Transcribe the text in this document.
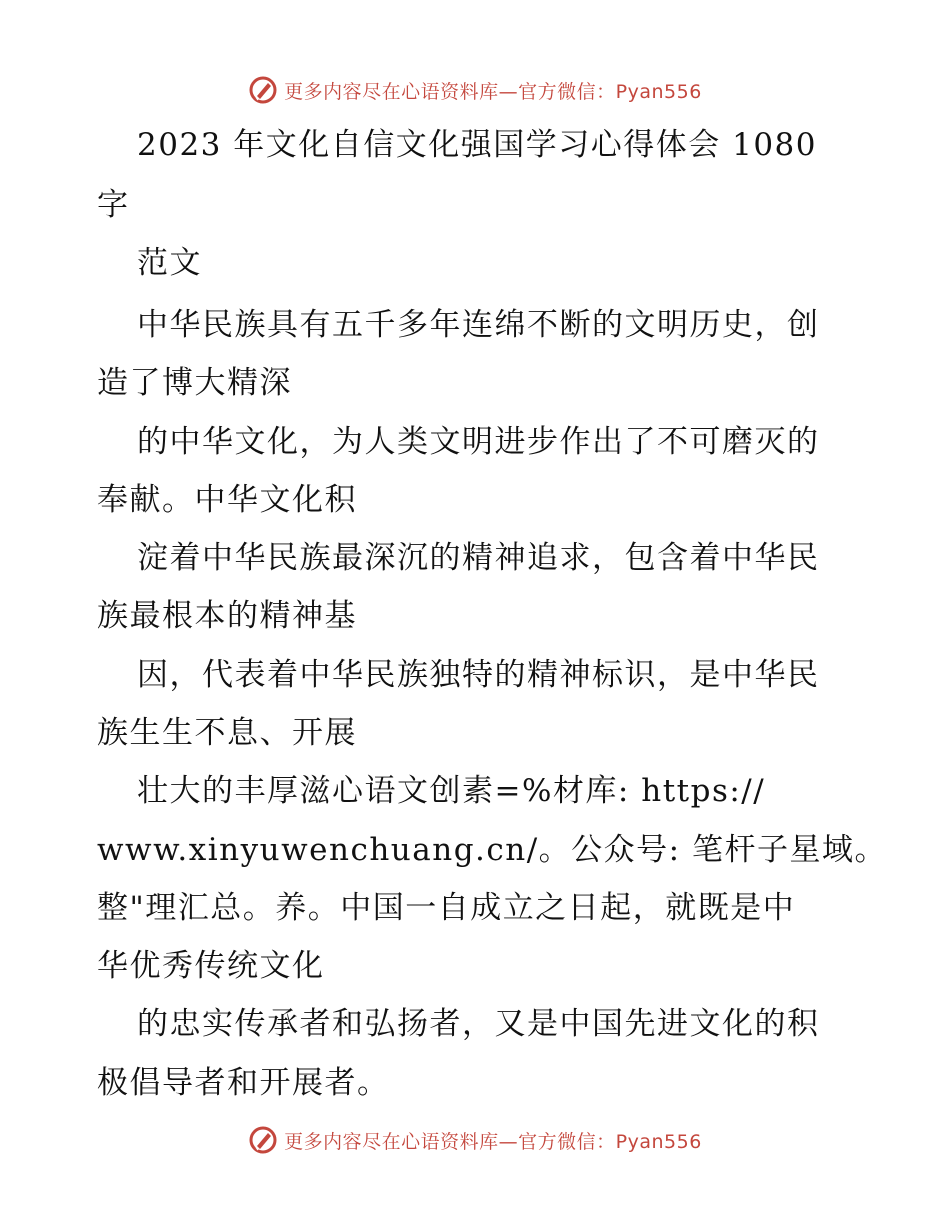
更多内容尽在心语资料库—官方微信：Pyan556
2023 年文化自信文化强国学习心得体会 1080
字
范文
中华民族具有五千多年连绵不断的文明历史，创
造了博大精深
的中华文化，为人类文明进步作出了不可磨灭的
奉献。中华文化积
淀着中华民族最深沉的精神追求，包含着中华民
族最根本的精神基
因，代表着中华民族独特的精神标识，是中华民
族生生不息、开展
壮大的丰厚滋心语文创素=%材库: https://
www.xinyuwenchuang.cn/。公众号: 笔杆子星域。
整"理汇总。养。中国一自成立之日起，就既是中
华优秀传统文化
的忠实传承者和弘扬者，又是中国先进文化的积
极倡导者和开展者。
更多内容尽在心语资料库—官方微信：Pyan556
